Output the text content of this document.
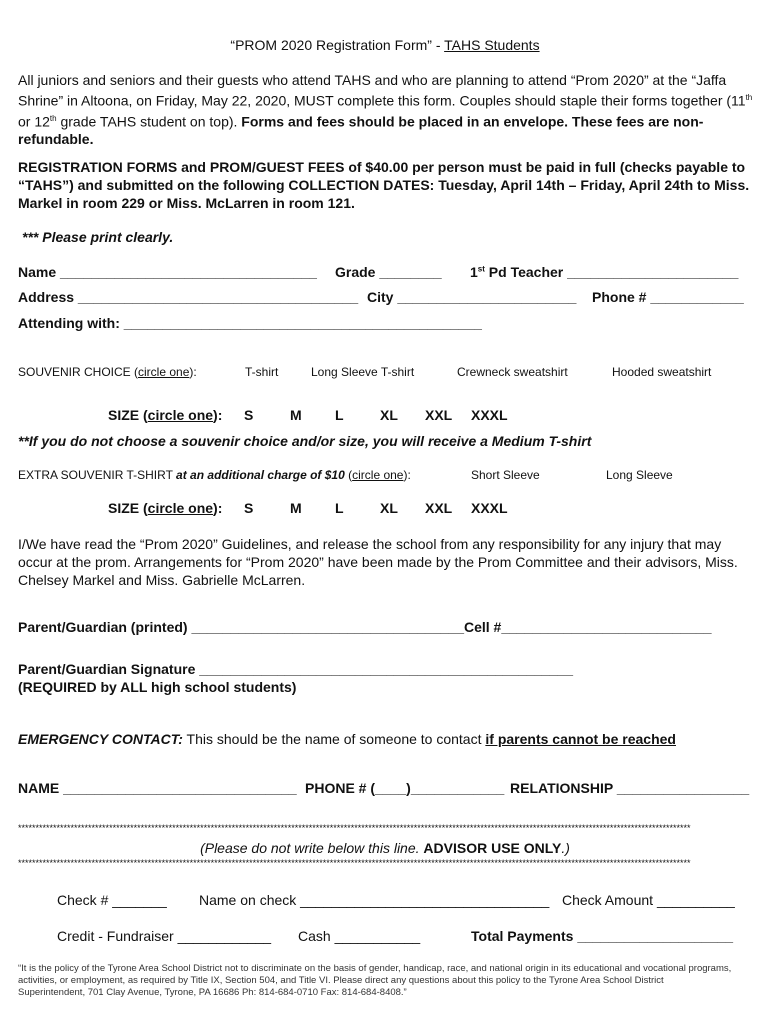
“PROM 2020 Registration Form” - TAHS Students
All juniors and seniors and their guests who attend TAHS and who are planning to attend “Prom 2020” at the “Jaffa Shrine” in Altoona, on Friday, May 22, 2020, MUST complete this form. Couples should staple their forms together (11th or 12th grade TAHS student on top). Forms and fees should be placed in an envelope. These fees are non-refundable.
REGISTRATION FORMS and PROM/GUEST FEES of $40.00 per person must be paid in full (checks payable to “TAHS”) and submitted on the following COLLECTION DATES: Tuesday, April 14th – Friday, April 24th to Miss. Markel in room 229 or Miss. McLarren in room 121.
*** Please print clearly.
Name _________________________________ Grade ________ 1st Pd Teacher ______________________
Address ____________________________________ City _______________________ Phone # ____________
Attending with: ______________________________________________
SOUVENIR CHOICE (circle one):	T-shirt	Long Sleeve T-shirt	Crewneck sweatshirt	Hooded sweatshirt
SIZE (circle one): S	M L	XL XXL XXXL
**If you do not choose a souvenir choice and/or size, you will receive a Medium T-shirt
EXTRA SOUVENIR T-SHIRT at an additional charge of $10 (circle one):	Short Sleeve	Long Sleeve
SIZE (circle one): S	M L	XL XXL XXXL
I/We have read the “Prom 2020” Guidelines, and release the school from any responsibility for any injury that may occur at the prom. Arrangements for “Prom 2020” have been made by the Prom Committee and their advisors, Miss. Chelsey Markel and Miss. Gabrielle McLarren.
Parent/Guardian (printed) ___________________________________Cell #___________________________
Parent/Guardian Signature ________________________________________________
(REQUIRED by ALL high school students)
EMERGENCY CONTACT: This should be the name of someone to contact if parents cannot be reached
NAME ______________________________ PHONE # (____)____________ RELATIONSHIP _________________
************************************************************************************************************************************************************************************************
(Please do not write below this line. ADVISOR USE ONLY.)
************************************************************************************************************************************************************************************************
Check # _______ Name on check ________________________________ Check Amount __________
Credit - Fundraiser ____________ Cash ___________	Total Payments ____________________
“It is the policy of the Tyrone Area School District not to discriminate on the basis of gender, handicap, race, and national origin in its educational and vocational programs, activities, or employment, as required by Title IX, Section 504, and Title VI. Please direct any questions about this policy to the Tyrone Area School District Superintendent, 701 Clay Avenue, Tyrone, PA 16686 Ph: 814-684-0710 Fax: 814-684-8408.”
